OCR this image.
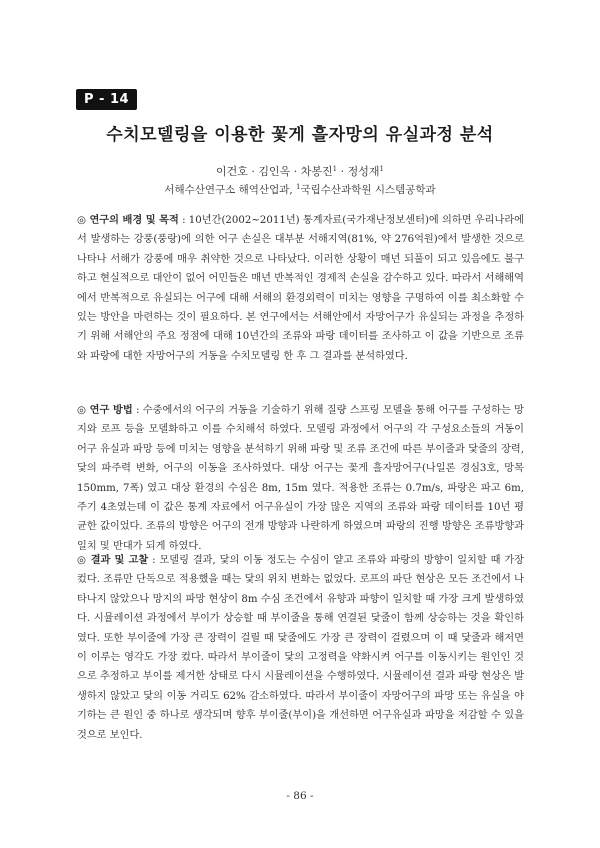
P - 14
수치모델링을 이용한 꽃게 흘자망의 유실과정 분석
이건호 · 김인옥 · 차봉진$^1$ · 정성재$^1$
서해수산연구소 해역산업과, $^1$국립수산과학원 시스템공학과
◎ 연구의 배경 및 목적 : 10년간(2002~2011년) 통계자료(국가재난정보센터)에 의하면 우리나라에서 발생하는 강풍(풍랑)에 의한 어구 손실은 대부분 서해지역(81%, 약 276억원)에서 발생한 것으로 나타나 서해가 강풍에 매우 취약한 것으로 나타났다. 이러한 상황이 매년 되풀이 되고 있음에도 불구하고 현실적으로 대안이 없어 어민들은 매년 반복적인 경제적 손실을 감수하고 있다. 따라서 서해해역에서 반복적으로 유실되는 어구에 대해 서해의 환경외력이 미치는 영향을 구명하여 이를 최소화할 수 있는 방안을 마련하는 것이 필요하다. 본 연구에서는 서해안에서 자망어구가 유실되는 과정을 추정하기 위해 서해안의 주요 정점에 대해 10년간의 조류와 파랑 데이터를 조사하고 이 값을 기반으로 조류와 파랑에 대한 자망어구의 거동을 수치모델링 한 후 그 결과를 분석하였다.
◎ 연구 방법 : 수중에서의 어구의 거동을 기술하기 위해 질량 스프링 모델을 통해 어구를 구성하는 망지와 로프 등을 모델화하고 이를 수치해석 하였다. 모델링 과정에서 어구의 각 구성요소들의 거동이 어구 유실과 파망 등에 미치는 영향을 분석하기 위해 파랑 및 조류 조건에 따른 부이줄과 닻줄의 장력, 닻의 파주력 변화, 어구의 이동을 조사하였다. 대상 어구는 꽃게 흘자망어구(나일론 경심3호, 망목 150mm, 7폭) 였고 대상 환경의 수심은 8m, 15m 였다. 적용한 조류는 0.7m/s, 파랑은 파고 6m, 주기 4초였는데 이 값은 통계 자료에서 어구유실이 가장 많은 지역의 조류와 파랑 데이터를 10년 평균한 값이었다. 조류의 방향은 어구의 전개 방향과 나란하게 하였으며 파랑의 진행 방향은 조류방향과 일치 및 반대가 되게 하였다.
◎ 결과 및 고찰 : 모델링 결과, 닻의 이동 정도는 수심이 얕고 조류와 파랑의 방향이 일치할 때 가장 컸다. 조류만 단독으로 적용했을 때는 닻의 위치 변화는 없었다. 로프의 파단 현상은 모든 조건에서 나타나지 않았으나 망지의 파망 현상이 8m 수심 조건에서 유향과 파향이 일치할 때 가장 크게 발생하였다. 시뮬레이션 과정에서 부이가 상승할 때 부이줄을 통해 연결된 닻줄이 함께 상승하는 것을 확인하였다. 또한 부이줄에 가장 큰 장력이 걸릴 때 닻줄에도 가장 큰 장력이 걸렸으며 이 때 닻줄과 해저면이 이루는 영각도 가장 컸다. 따라서 부이줄이 닻의 고정력을 약화시켜 어구를 이동시키는 원인인 것으로 추정하고 부이를 제거한 상태로 다시 시뮬레이션을 수행하였다. 시뮬레이션 결과 파랑 현상은 발생하지 않았고 닻의 이동 거리도 62% 감소하였다. 따라서 부이줄이 자망어구의 파망 또는 유실을 야기하는 큰 원인 중 하나로 생각되며 향후 부이줄(부이)을 개선하면 어구유실과 파망을 저감할 수 있을 것으로 보인다.
- 86 -
